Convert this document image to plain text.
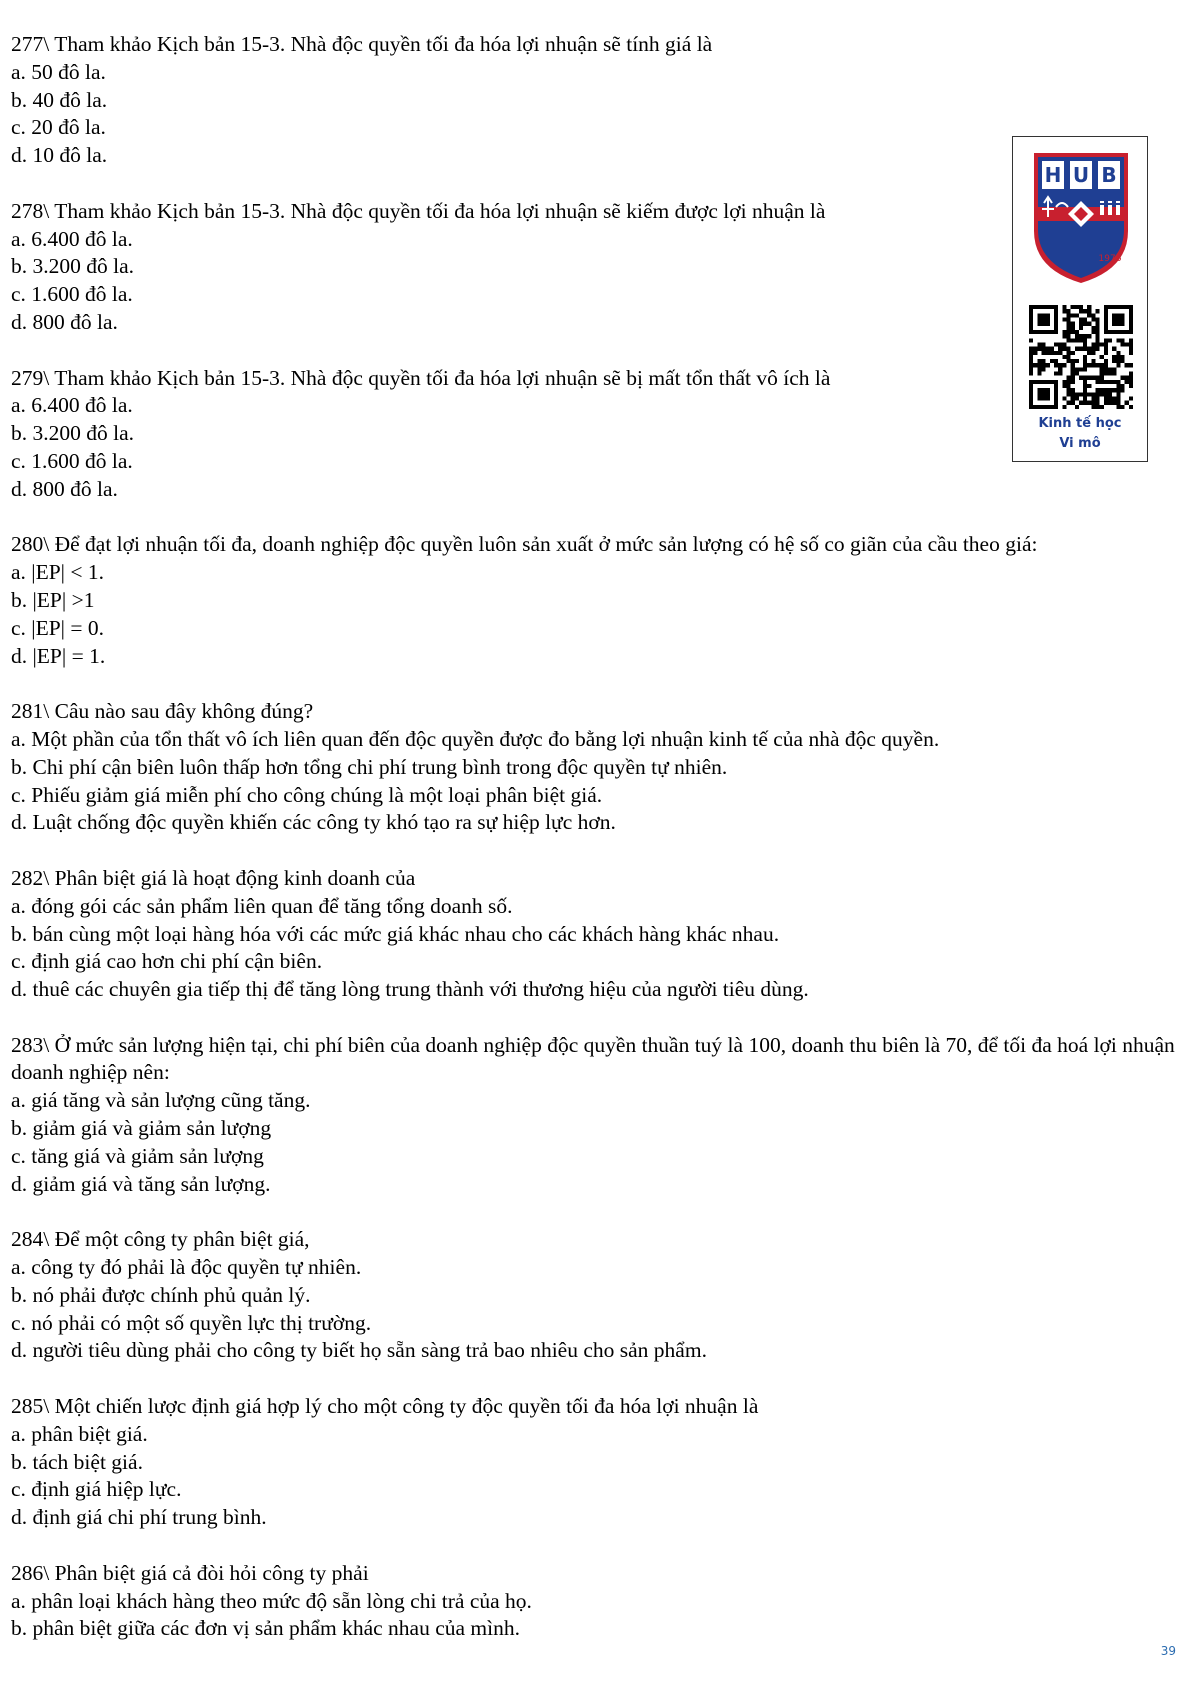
277\ Tham khảo Kịch bản 15-3. Nhà độc quyền tối đa hóa lợi nhuận sẽ tính giá là

a. 50 đô la.

b. 40 đô la.

c. 20 đô la.

d. 10 đô la.

278\ Tham khảo Kịch bản 15-3. Nhà độc quyền tối đa hóa lợi nhuận sẽ kiếm được lợi nhuận là

a. 6.400 đô la.

b. 3.200 đô la.

c. 1.600 đô la.

d. 800 đô la.

279\ Tham khảo Kịch bản 15-3. Nhà độc quyền tối đa hóa lợi nhuận sẽ bị mất tổn thất vô ích là

a. 6.400 đô la.

b. 3.200 đô la.

c. 1.600 đô la.

d. 800 đô la.

280\ Để đạt lợi nhuận tối đa, doanh nghiệp độc quyền luôn sản xuất ở mức sản lượng có hệ số co giãn của cầu theo giá:

a. |EP| < 1.

b. |EP| >1

c. |EP| = 0.

d. |EP| = 1.

281\ Câu nào sau đây không đúng?

a. Một phần của tổn thất vô ích liên quan đến độc quyền được đo bằng lợi nhuận kinh tế của nhà độc quyền.

b. Chi phí cận biên luôn thấp hơn tổng chi phí trung bình trong độc quyền tự nhiên.

c. Phiếu giảm giá miễn phí cho công chúng là một loại phân biệt giá.

d. Luật chống độc quyền khiến các công ty khó tạo ra sự hiệp lực hơn.

282\ Phân biệt giá là hoạt động kinh doanh của

a. đóng gói các sản phẩm liên quan để tăng tổng doanh số.

b. bán cùng một loại hàng hóa với các mức giá khác nhau cho các khách hàng khác nhau.

c. định giá cao hơn chi phí cận biên.

d. thuê các chuyên gia tiếp thị để tăng lòng trung thành với thương hiệu của người tiêu dùng.

283\ Ở mức sản lượng hiện tại, chi phí biên của doanh nghiệp độc quyền thuần tuý là 100, doanh thu biên là 70, để tối đa hoá lợi nhuận doanh nghiệp nên:

a. giá tăng và sản lượng cũng tăng.

b. giảm giá và giảm sản lượng

c. tăng giá và giảm sản lượng

d. giảm giá và tăng sản lượng.

284\ Để một công ty phân biệt giá,

a. công ty đó phải là độc quyền tự nhiên.

b. nó phải được chính phủ quản lý.

c. nó phải có một số quyền lực thị trường.

d. người tiêu dùng phải cho công ty biết họ sẵn sàng trả bao nhiêu cho sản phẩm.

285\ Một chiến lược định giá hợp lý cho một công ty độc quyền tối đa hóa lợi nhuận là

a. phân biệt giá.

b. tách biệt giá.

c. định giá hiệp lực.

d. định giá chi phí trung bình.

286\ Phân biệt giá cả đòi hỏi công ty phải

a. phân loại khách hàng theo mức độ sẵn lòng chi trả của họ.

b. phân biệt giữa các đơn vị sản phẩm khác nhau của mình.

H U B
1976
Kinh tế học
Vi mô
39
